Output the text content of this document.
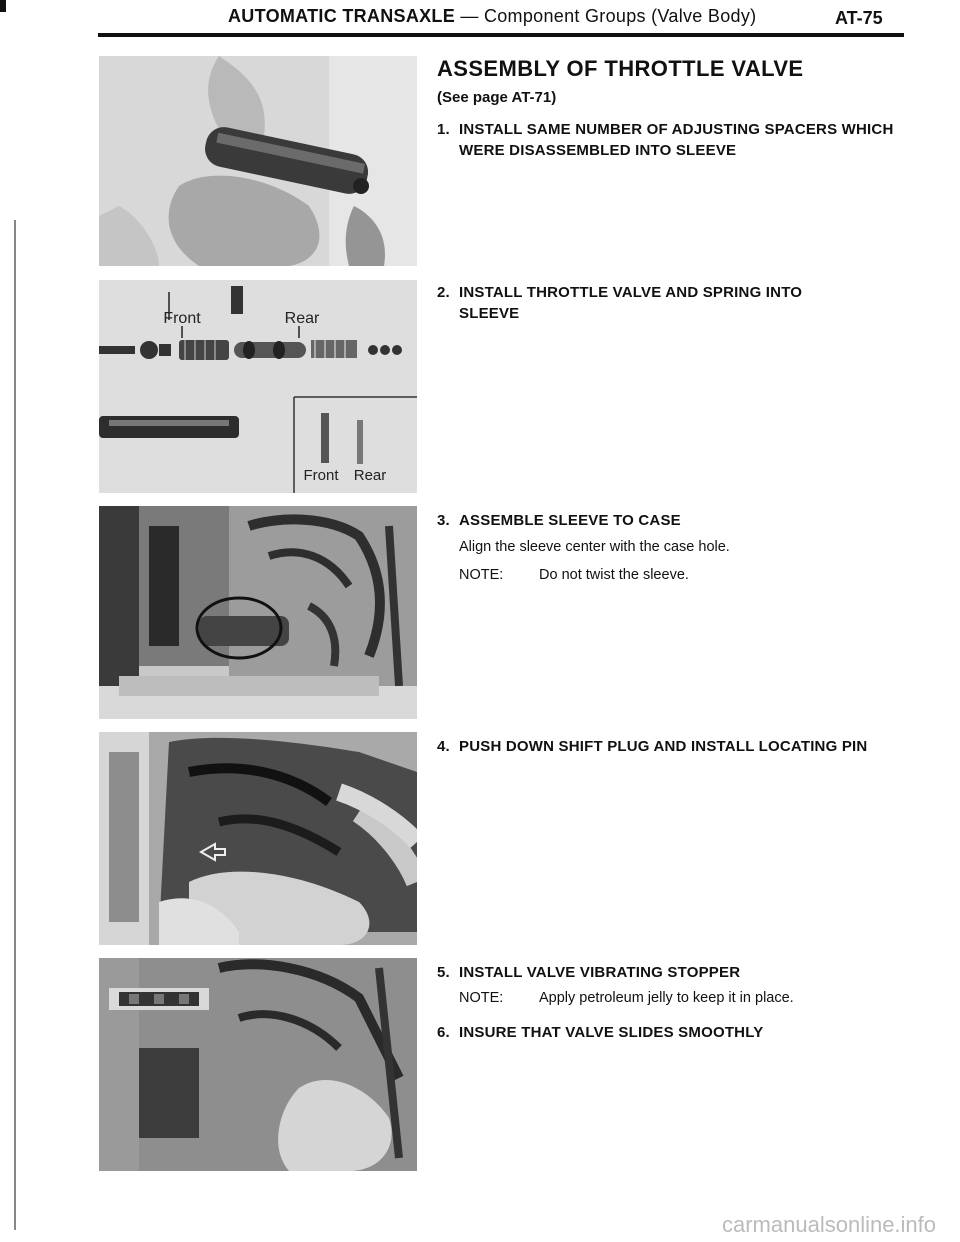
AUTOMATIC TRANSAXLE — Component Groups (Valve Body)	AT-75
Front	Rear
Front Rear
ASSEMBLY OF THROTTLE VALVE
(See page AT-71)
1. INSTALL SAME NUMBER OF ADJUSTING SPACERS WHICH WERE DISASSEMBLED INTO SLEEVE
2. INSTALL THROTTLE VALVE AND SPRING INTO SLEEVE
3. ASSEMBLE SLEEVE TO CASE
Align the sleeve center with the case hole.
NOTE: Do not twist the sleeve.
4. PUSH DOWN SHIFT PLUG AND INSTALL LOCATING PIN
5. INSTALL VALVE VIBRATING STOPPER
NOTE: Apply petroleum jelly to keep it in place.
6. INSURE THAT VALVE SLIDES SMOOTHLY
carmanualsonline.info
